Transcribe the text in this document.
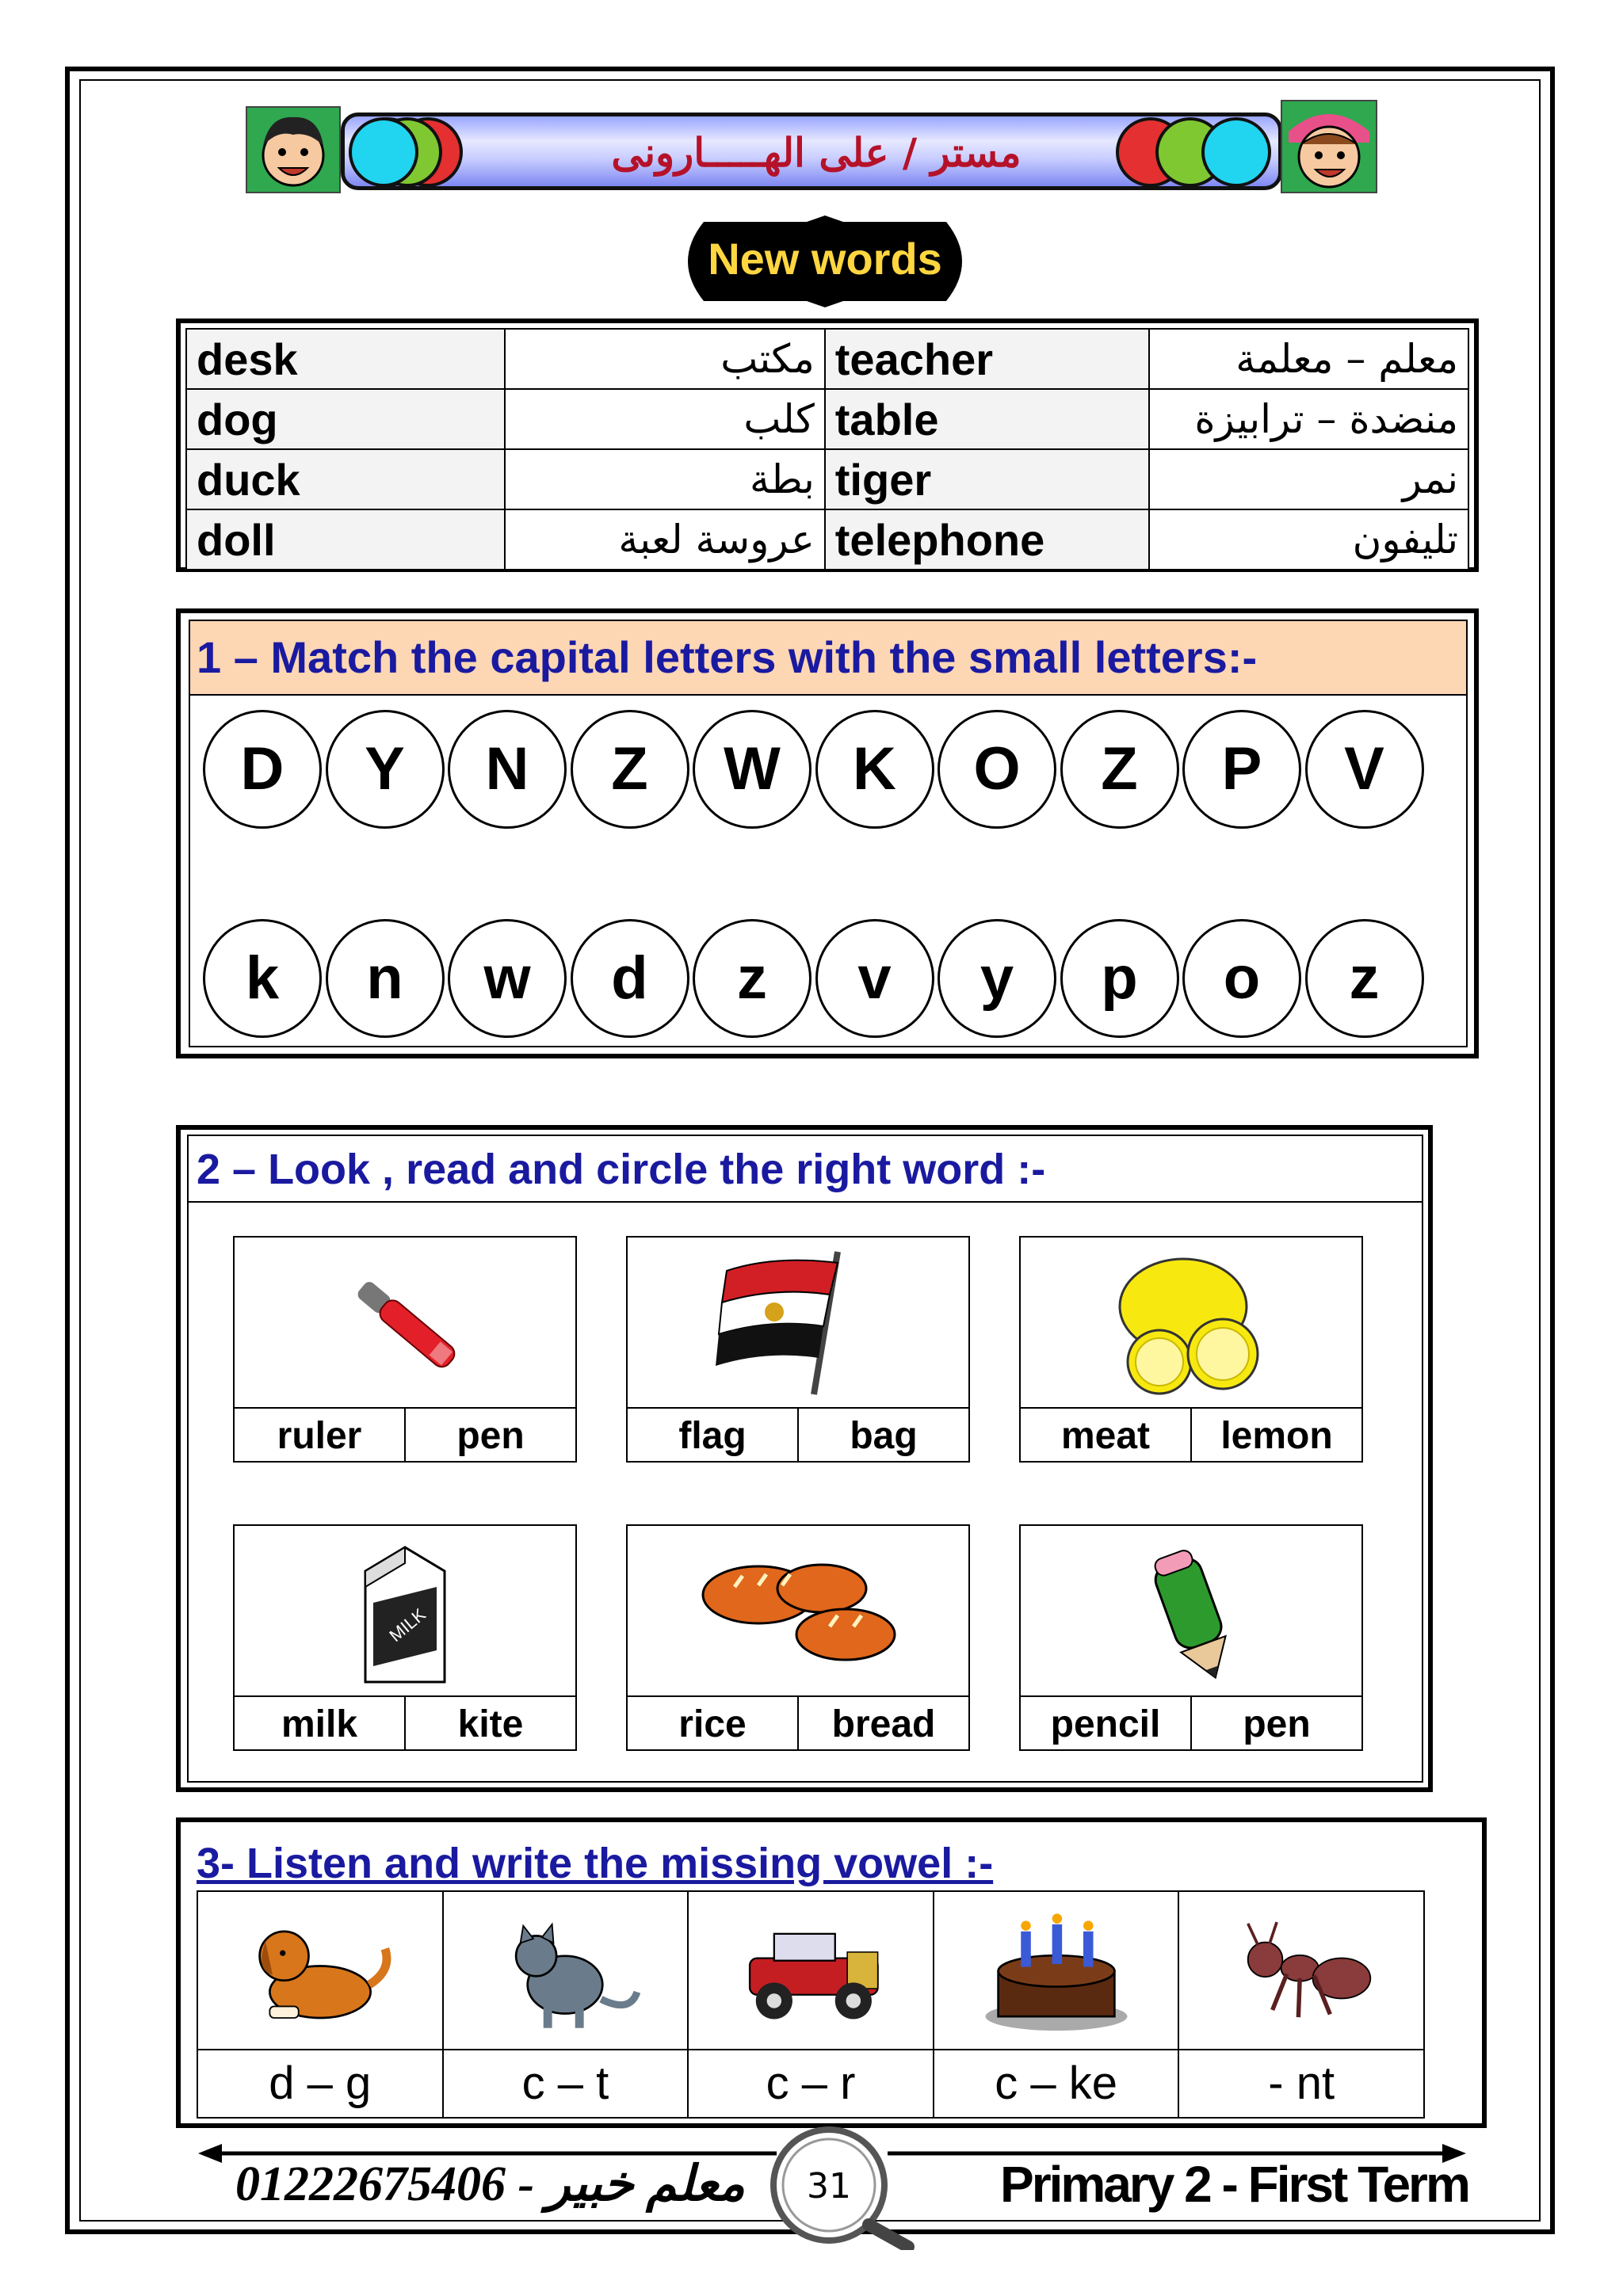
مستر / على الهـــــارونى
New words
desk	مكتب	teacher	معلم – معلمة
dog	كلب	table	منضدة – ترابيزة
duck	بطة	tiger	نمر
doll	عروسة لعبة	telephone	تليفون
1 – Match the capital letters with the small letters:-
D	Y	N	Z	W	K	O	Z	P	V
k	n	w	d	z	v	y	p	o	z
2 – Look , read and circle the right word :-
ruler	pen	flag	bag	meat	lemon
MILK
milk	kite	rice	bread	pencil	pen
3- Listen and write the missing vowel :-
d – g	c – t	c – r	c – ke	- nt
31
معلم خبير - 01222675406	Primary 2 - First Term
